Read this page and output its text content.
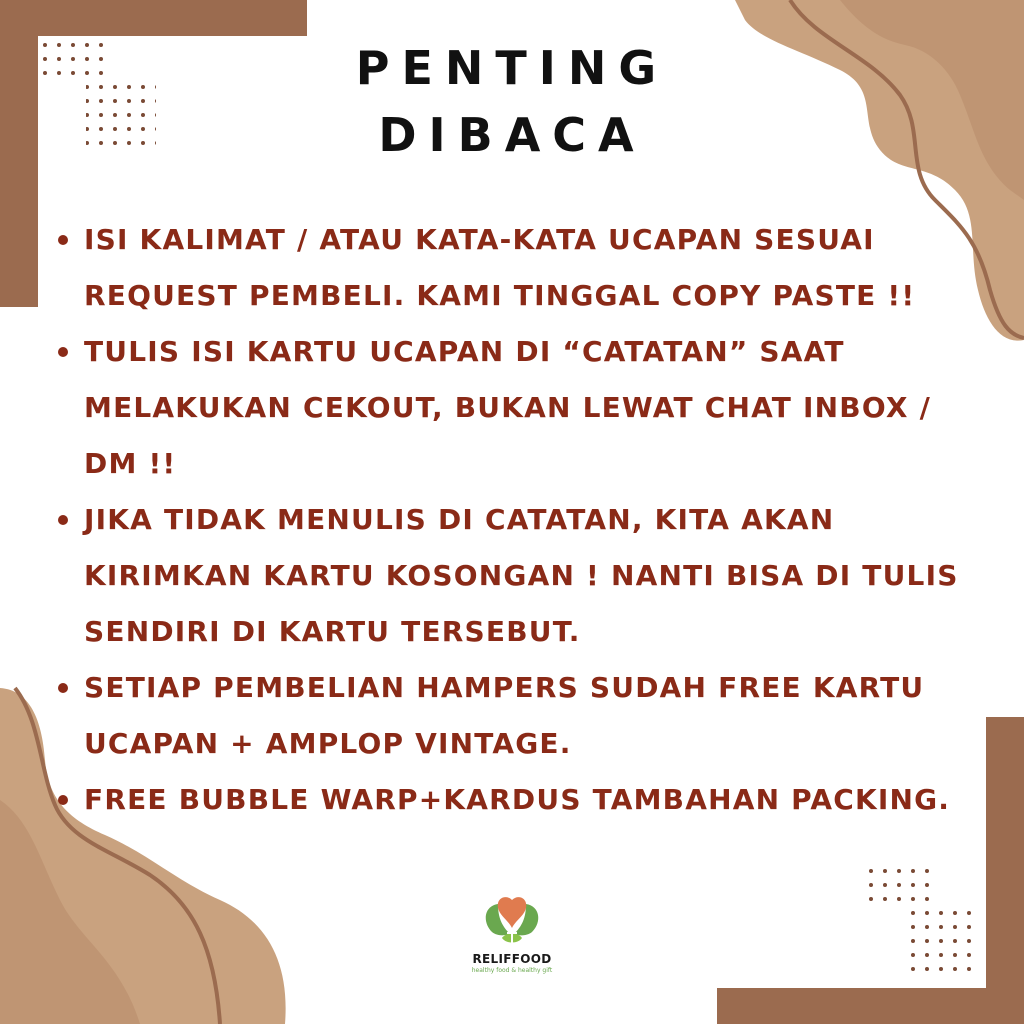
PENTING
DIBACA
ISI KALIMAT / ATAU KATA-KATA UCAPAN SESUAI REQUEST PEMBELI. KAMI TINGGAL COPY PASTE !!
TULIS ISI KARTU UCAPAN DI “CATATAN” SAAT MELAKUKAN CEKOUT, BUKAN LEWAT CHAT INBOX / DM !!
JIKA TIDAK MENULIS DI CATATAN, KITA AKAN KIRIMKAN KARTU KOSONGAN ! NANTI BISA DI TULIS SENDIRI DI KARTU TERSEBUT.
SETIAP PEMBELIAN HAMPERS SUDAH FREE KARTU UCAPAN + AMPLOP VINTAGE.
FREE BUBBLE WARP+KARDUS TAMBAHAN PACKING.
RELIFFOOD
healthy food & healthy gift
